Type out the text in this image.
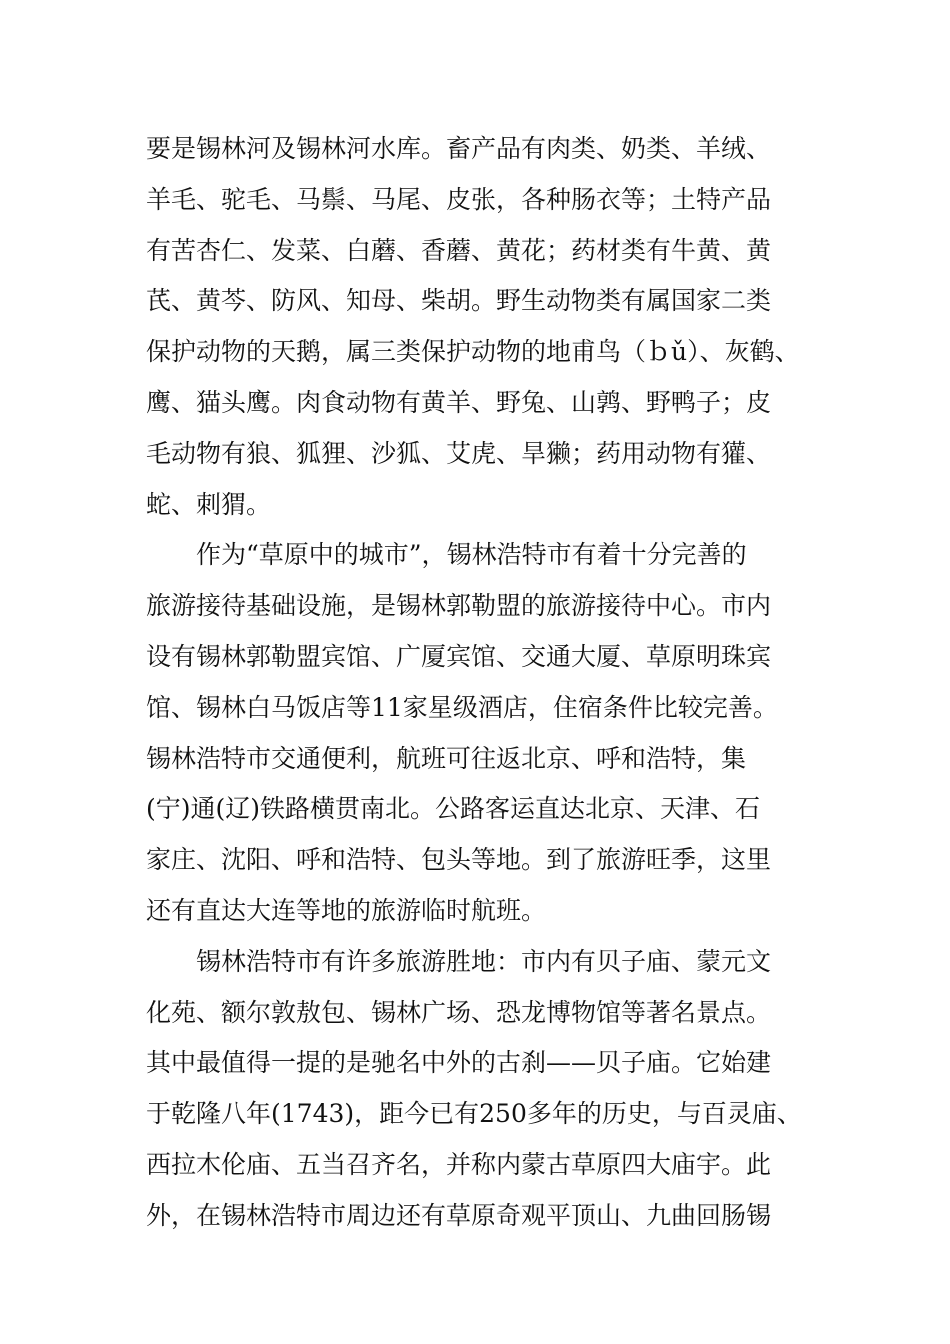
要是锡林河及锡林河水库。畜产品有肉类、奶类、羊绒、
羊毛、驼毛、马鬃、马尾、皮张，各种肠衣等；土特产品
有苦杏仁、发菜、白蘑、香蘑、黄花；药材类有牛黄、黄
芪、黄芩、防风、知母、柴胡。野生动物类有属国家二类
保护动物的天鹅，属三类保护动物的地甫鸟（ｂǔ）、灰鹤、
鹰、猫头鹰。肉食动物有黄羊、野兔、山鹑、野鸭子；皮
毛动物有狼、狐狸、沙狐、艾虎、旱獭；药用动物有獾、
蛇、刺猬。
　　作为“草原中的城市”，锡林浩特市有着十分完善的
旅游接待基础设施，是锡林郭勒盟的旅游接待中心。市内
设有锡林郭勒盟宾馆、广厦宾馆、交通大厦、草原明珠宾
馆、锡林白马饭店等11家星级酒店，住宿条件比较完善。
锡林浩特市交通便利，航班可往返北京、呼和浩特，集
(宁)通(辽)铁路横贯南北。公路客运直达北京、天津、石
家庄、沈阳、呼和浩特、包头等地。到了旅游旺季，这里
还有直达大连等地的旅游临时航班。
　　锡林浩特市有许多旅游胜地：市内有贝子庙、蒙元文
化苑、额尔敦敖包、锡林广场、恐龙博物馆等著名景点。
其中最值得一提的是驰名中外的古刹——贝子庙。它始建
于乾隆八年(1743)，距今已有250多年的历史，与百灵庙、
西拉木伦庙、五当召齐名，并称内蒙古草原四大庙宇。此
外，在锡林浩特市周边还有草原奇观平顶山、九曲回肠锡
